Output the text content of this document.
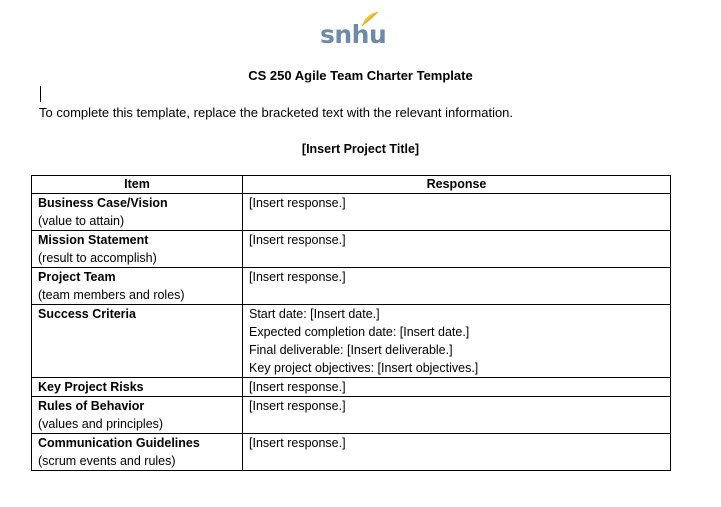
snhu
CS 250 Agile Team Charter Template
To complete this template, replace the bracketed text with the relevant information.
[Insert Project Title]
Item	Response

Business Case/Vision
(value to attain)	[Insert response.]

Mission Statement
(result to accomplish)	[Insert response.]

Project Team
(team members and roles)	[Insert response.]

Success Criteria	Start date: [Insert date.]
Expected completion date: [Insert date.]
Final deliverable: [Insert deliverable.]
Key project objectives: [Insert objectives.]

Key Project Risks	[Insert response.]

Rules of Behavior
(values and principles)	[Insert response.]

Communication Guidelines
(scrum events and rules)	[Insert response.]
